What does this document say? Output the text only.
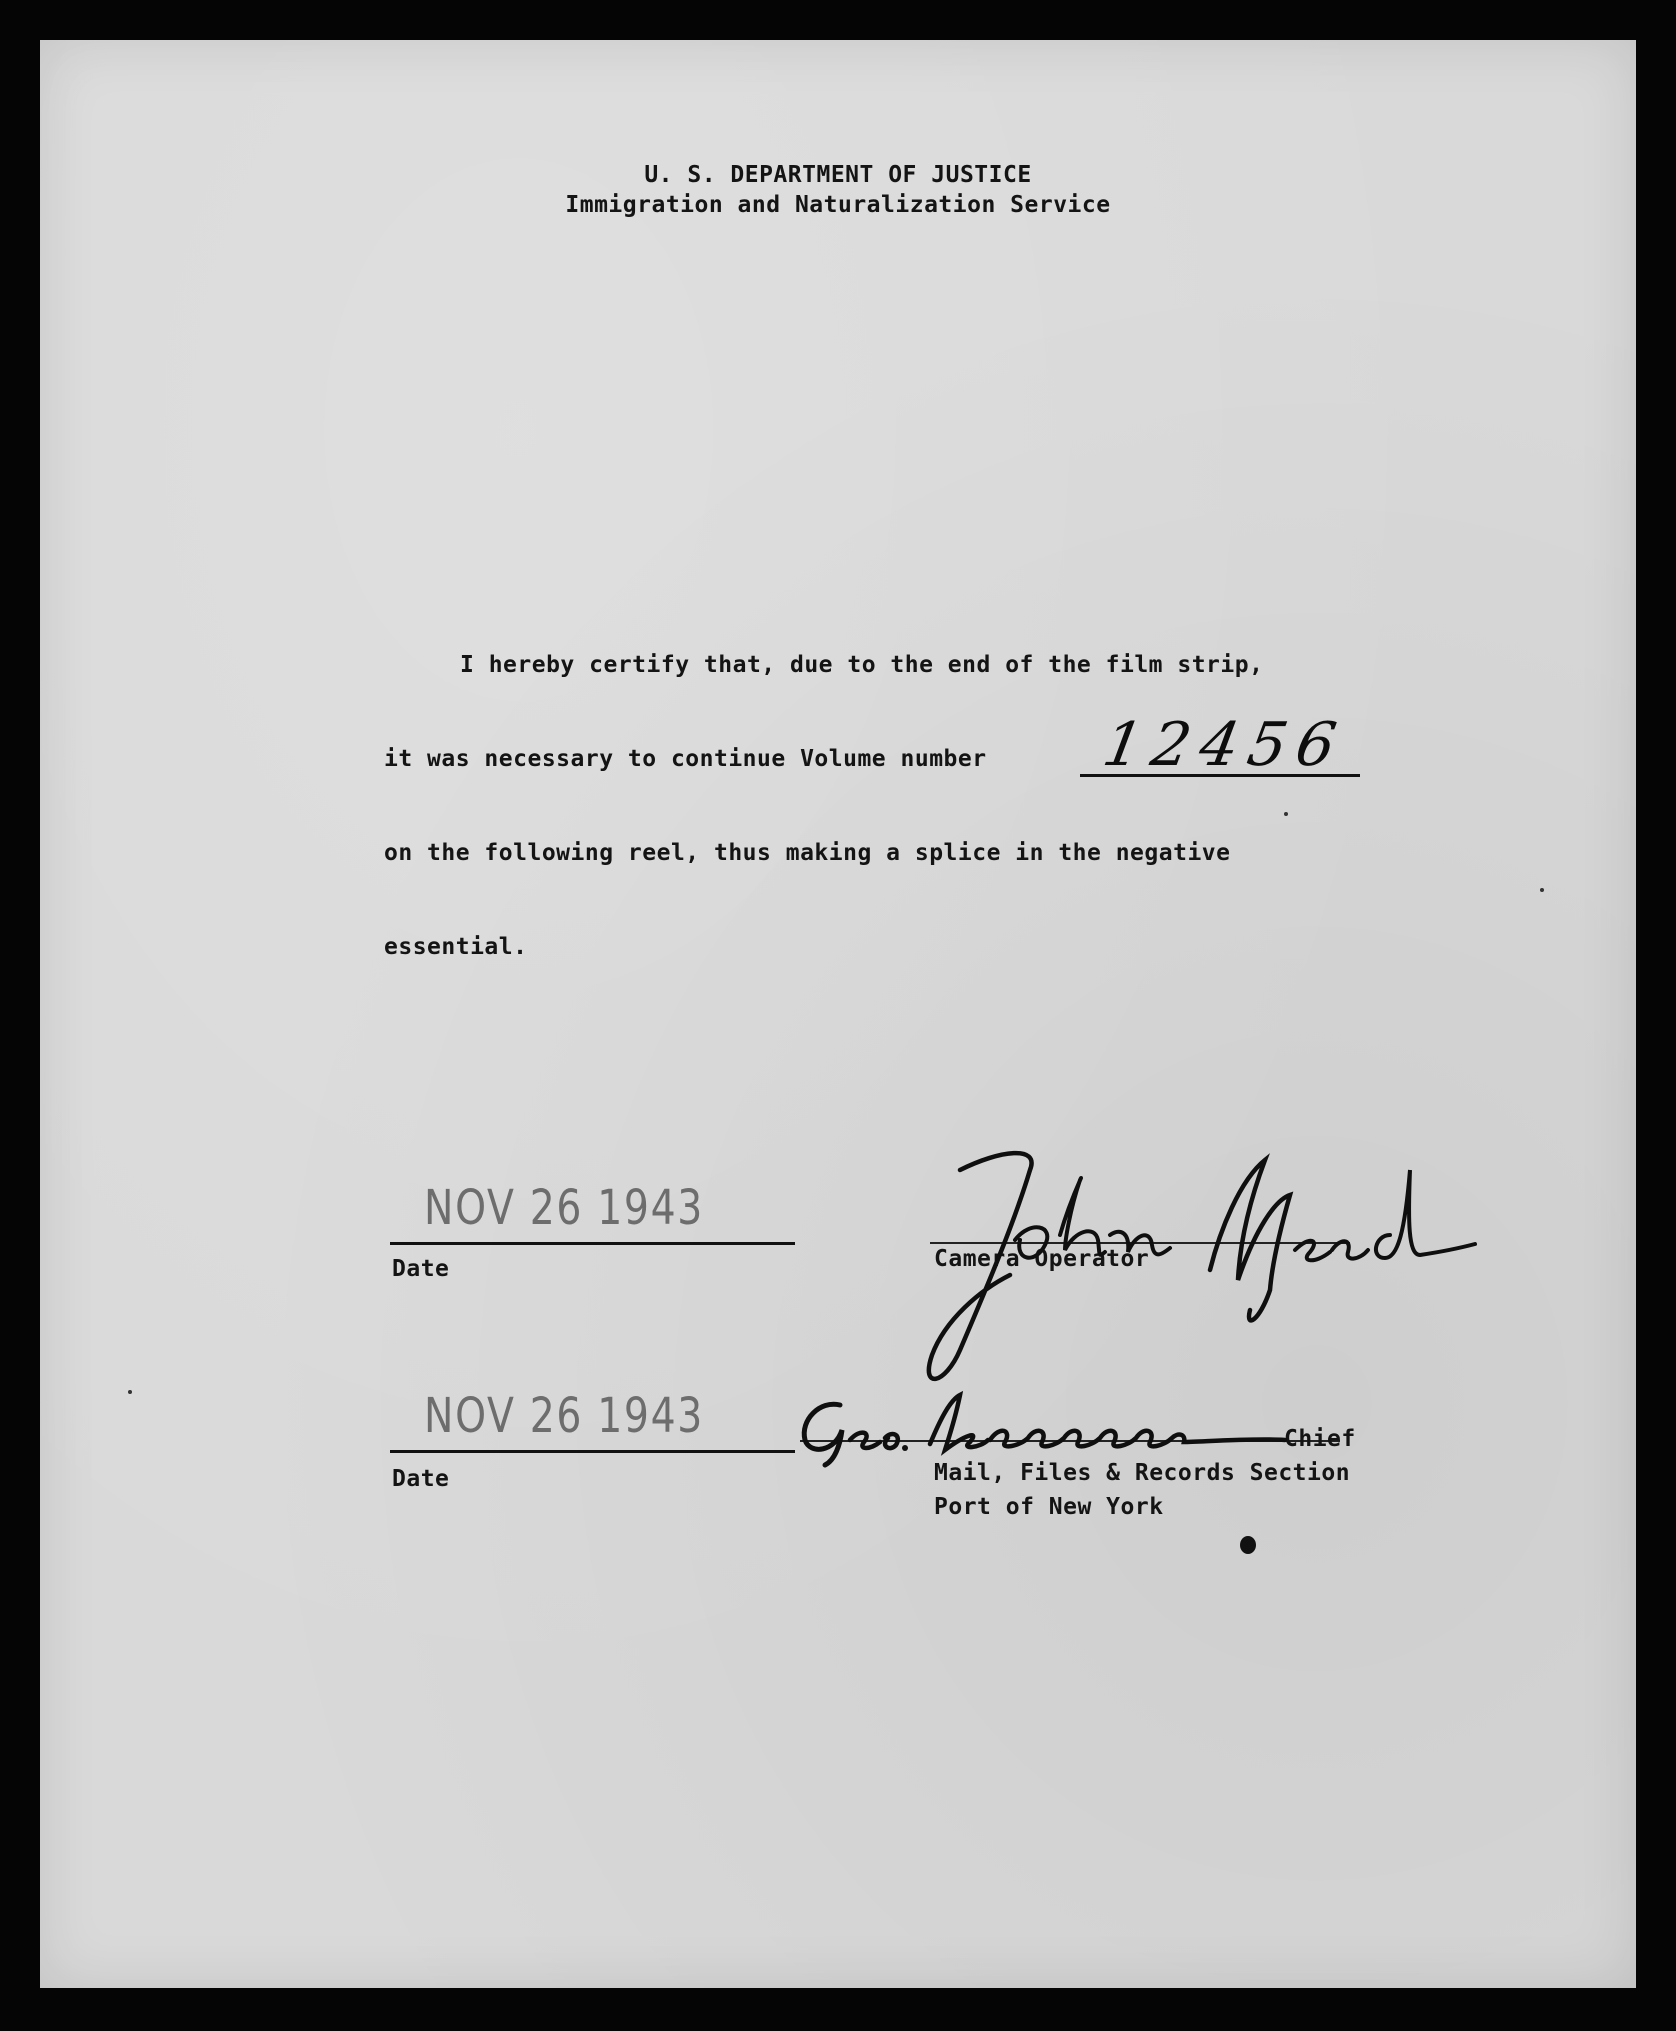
U. S. DEPARTMENT OF JUSTICE
Immigration and Naturalization Service
I hereby certify that, due to the end of the film strip,
it was necessary to continue Volume number 12456
on the following reel, thus making a splice in the negative
essential.
NOV 26 1943
Date	Camera Operator
NOV 26 1943
Date
Chief
Mail, Files & Records Section
Port of New York
